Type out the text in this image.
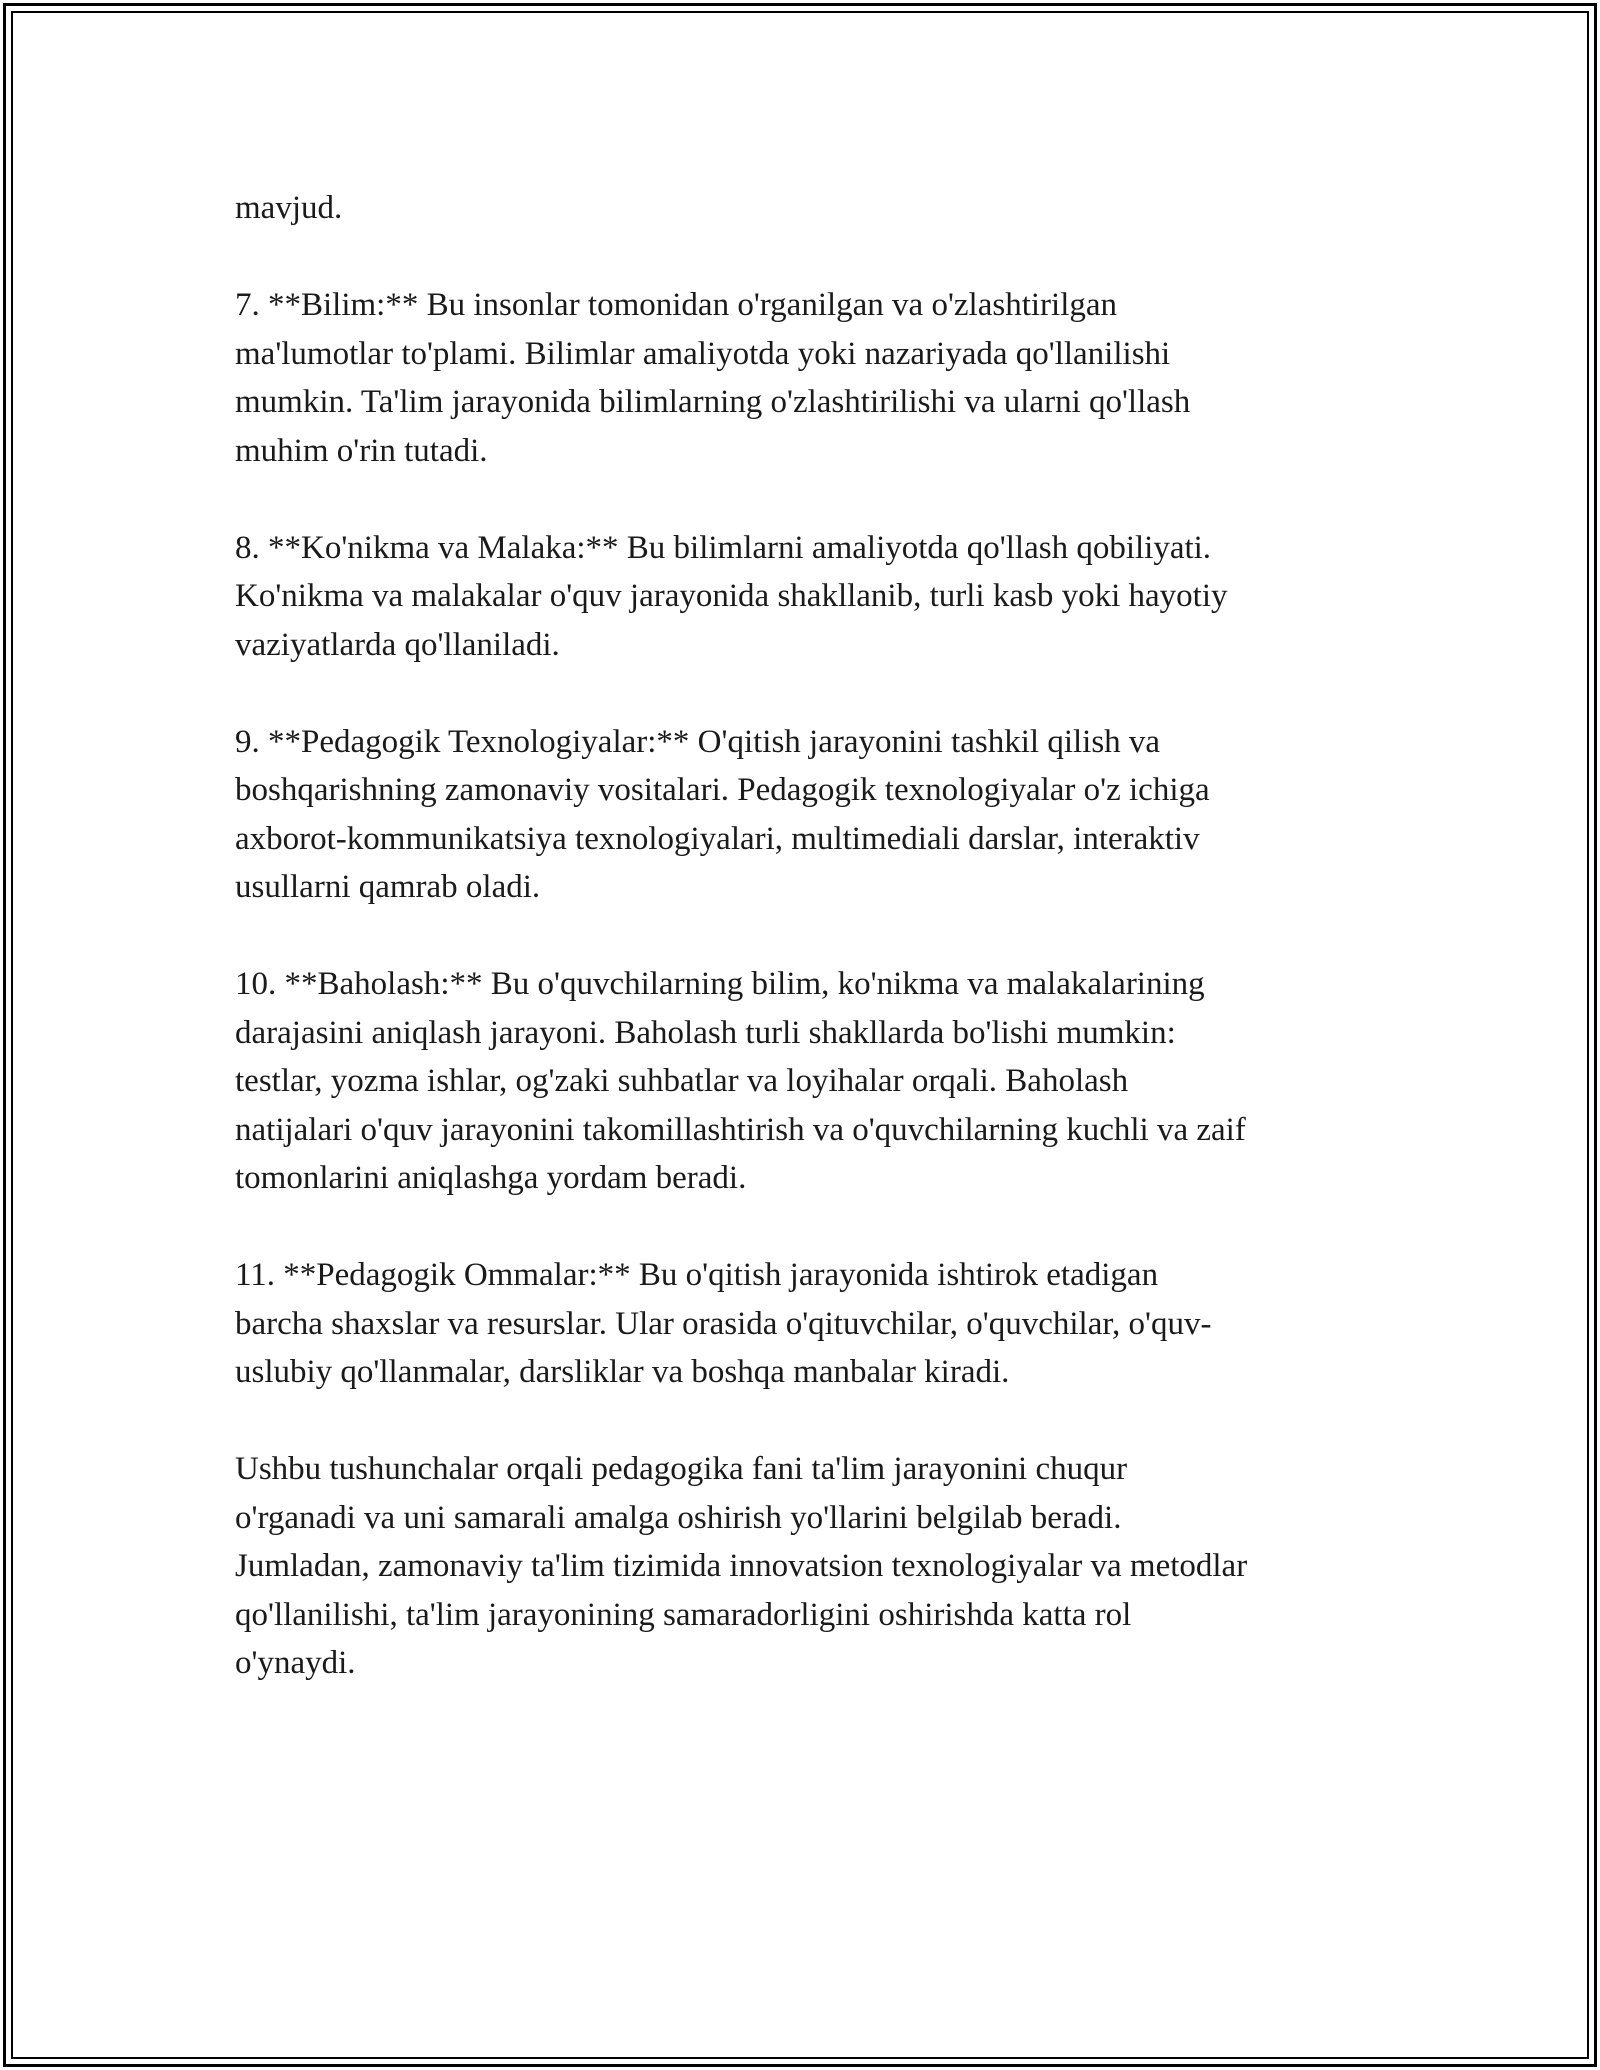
mavjud.

7. **Bilim:** Bu insonlar tomonidan o'rganilgan va o'zlashtirilgan
ma'lumotlar to'plami. Bilimlar amaliyotda yoki nazariyada qo'llanilishi
mumkin. Ta'lim jarayonida bilimlarning o'zlashtirilishi va ularni qo'llash
muhim o'rin tutadi.

8. **Ko'nikma va Malaka:** Bu bilimlarni amaliyotda qo'llash qobiliyati.
Ko'nikma va malakalar o'quv jarayonida shakllanib, turli kasb yoki hayotiy
vaziyatlarda qo'llaniladi.

9. **Pedagogik Texnologiyalar:** O'qitish jarayonini tashkil qilish va
boshqarishning zamonaviy vositalari. Pedagogik texnologiyalar o'z ichiga
axborot-kommunikatsiya texnologiyalari, multimediali darslar, interaktiv
usullarni qamrab oladi.

10. **Baholash:** Bu o'quvchilarning bilim, ko'nikma va malakalarining
darajasini aniqlash jarayoni. Baholash turli shakllarda bo'lishi mumkin:
testlar, yozma ishlar, og'zaki suhbatlar va loyihalar orqali. Baholash
natijalari o'quv jarayonini takomillashtirish va o'quvchilarning kuchli va zaif
tomonlarini aniqlashga yordam beradi.

11. **Pedagogik Ommalar:** Bu o'qitish jarayonida ishtirok etadigan
barcha shaxslar va resurslar. Ular orasida o'qituvchilar, o'quvchilar, o'quv-
uslubiy qo'llanmalar, darsliklar va boshqa manbalar kiradi.

Ushbu tushunchalar orqali pedagogika fani ta'lim jarayonini chuqur
o'rganadi va uni samarali amalga oshirish yo'llarini belgilab beradi.
Jumladan, zamonaviy ta'lim tizimida innovatsion texnologiyalar va metodlar
qo'llanilishi, ta'lim jarayonining samaradorligini oshirishda katta rol
o'ynaydi.
